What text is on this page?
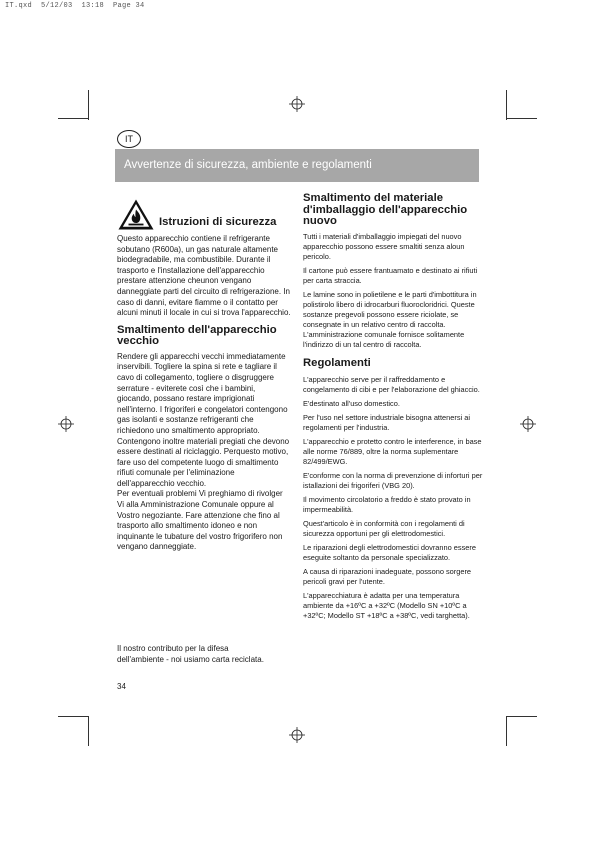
IT.qxd  5/12/03  13:18  Page 34
IT
Avvertenze di sicurezza, ambiente e regolamenti
Istruzioni di sicurezza

Questo apparecchio contiene il refrigerante sobutano (R600a), un gas naturale altamente biodegradabile, ma combustibile. Durante il trasporto e l'installazione dell'apparecchio prestare attenzione cheunon vengano danneggiate parti del circuito di refrigerazione. In caso di danni, evitare fiamme o il contatto per alcuni minuti il locale in cui si trova l'apparecchio.

Smaltimento dell'apparecchio vecchio

Rendere gli apparecchi vecchi immediatamente inservibili. Togliere la spina si rete e tagliare il cavo di collegamento, togliere o disgruggere serrature - eviterete così che i bambini, giocando, possano restare imprigionati nell'interno. I frigoriferi e congelatori contengono gas isolanti e sostanze refrigeranti che richiedono uno smaltimento appropriato.

Contengono inoltre materiali pregiati che devono essere destinati al riciclaggio. Perquesto motivo, fare uso del competente luogo di smaltimento rifiuti comunale per l'eliminazione dell'apparecchio vecchio.

Per eventuali problemi Vi preghiamo di rivolger Vi alla Amministrazione Comunale oppure al Vostro negoziante. Fare attenzione che fino al trasporto allo smaltimento idoneo e non inquinante le tubature del vostro frigorifero non vengano danneggiate.

Il nostro contributo per la difesa dell'ambiente - noi usiamo carta reciclata.
34
Smaltimento del materiale d'imballaggio dell'apparecchio nuovo

Tutti i materiali d'imballaggio impiegati del nuovo apparecchio possono essere smaltiti senza aloun pericolo.

Il cartone può essere frantuamato e destinato ai rifiuti per carta straccia.

Le lamine sono in polietilene e le parti d'imbottitura in polistirolo libero di idrocarburi fluorocloridrici. Queste sostanze pregevoli possono essere riciolate, se consegnate in un relativo centro di raccolta. L'amministrazione comunale fornisce solitamente l'indirizzo di un tal centro di raccolta.

Regolamenti

L'apparecchio serve per il raffreddamento e congelamento di cibi e per l'elaborazione del ghiaccio.

E'destinato all'uso domestico.

Per l'uso nel settore industriale bisogna attenersi ai regolamenti per l'industria.

L'apparecchio e protetto contro le interference, in base alle norme 76/889, oltre la norma suplementare 82/499/EWG.

E'conforme con la norma di prevenzione di inforturi per istallazioni dei frigoriferi (VBG 20).

Il movimento circolatorio a freddo è stato provato in impermeabilità.

Quest'articolo è in conformità con i regolamenti di sicurezza opportuni per gli elettrodomestici.

Le riparazioni degli elettrodomestici dovranno essere eseguite soltanto da personale specializzato.

A causa di riparazioni inadeguate, possono sorgere pericoli gravi per l'utente.

L'apparecchiatura è adatta per una temperatura ambiente da +16ºC a +32ºC (Modello SN +10ºC a +32ºC; Modello ST +18ºC a +38ºC, vedi targhetta).
